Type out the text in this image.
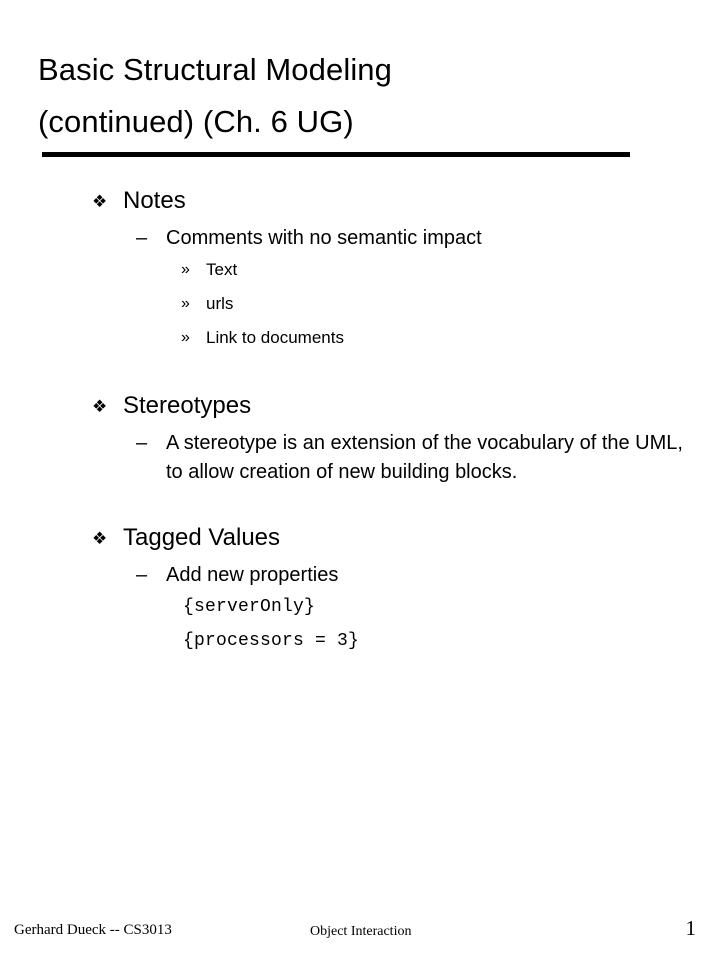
Basic Structural Modeling
(continued) (Ch. 6 UG)
❖ Notes
– Comments with no semantic impact
» Text
» urls
» Link to documents
❖ Stereotypes
– A stereotype is an extension of the vocabulary of the UML, to allow creation of new building blocks.
❖ Tagged Values
– Add new properties
{serverOnly}
{processors = 3}
Gerhard Dueck -- CS3013	Object Interaction	1
